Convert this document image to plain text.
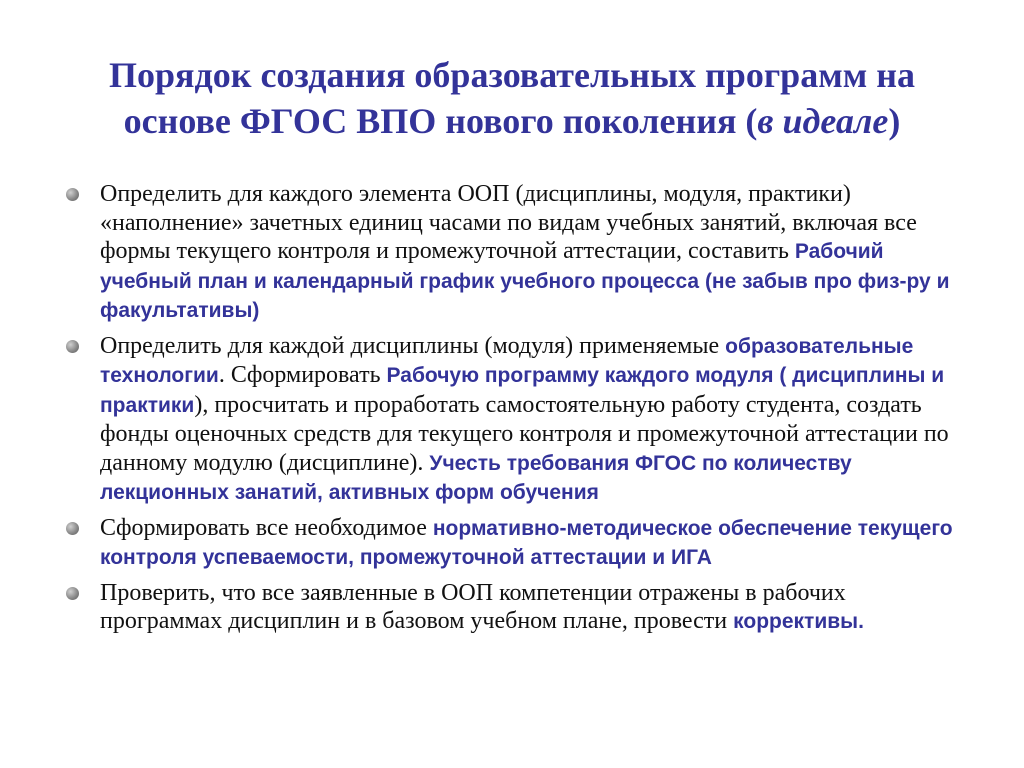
Порядок создания образовательных программ на
основе ФГОС ВПО нового поколения (в идеале)
Определить для каждого элемента ООП (дисциплины, модуля, практики) «наполнение» зачетных единиц часами по видам учебных занятий, включая все формы текущего контроля и промежуточной аттестации, составить Рабочий учебный план и календарный график учебного процесса (не забыв про физ-ру и факультативы)
Определить для каждой дисциплины (модуля) применяемые образовательные технологии. Сформировать Рабочую программу каждого модуля ( дисциплины и практики), просчитать и проработать самостоятельную работу студента, создать фонды оценочных средств для текущего контроля и промежуточной аттестации по данному модулю (дисциплине). Учесть требования ФГОС по количеству лекционных занатий, активных форм обучения
Сформировать все необходимое нормативно-методическое обеспечение текущего контроля успеваемости, промежуточной аттестации и ИГА
Проверить, что все заявленные в ООП компетенции отражены в рабочих программах дисциплин и в базовом учебном плане, провести коррективы.
